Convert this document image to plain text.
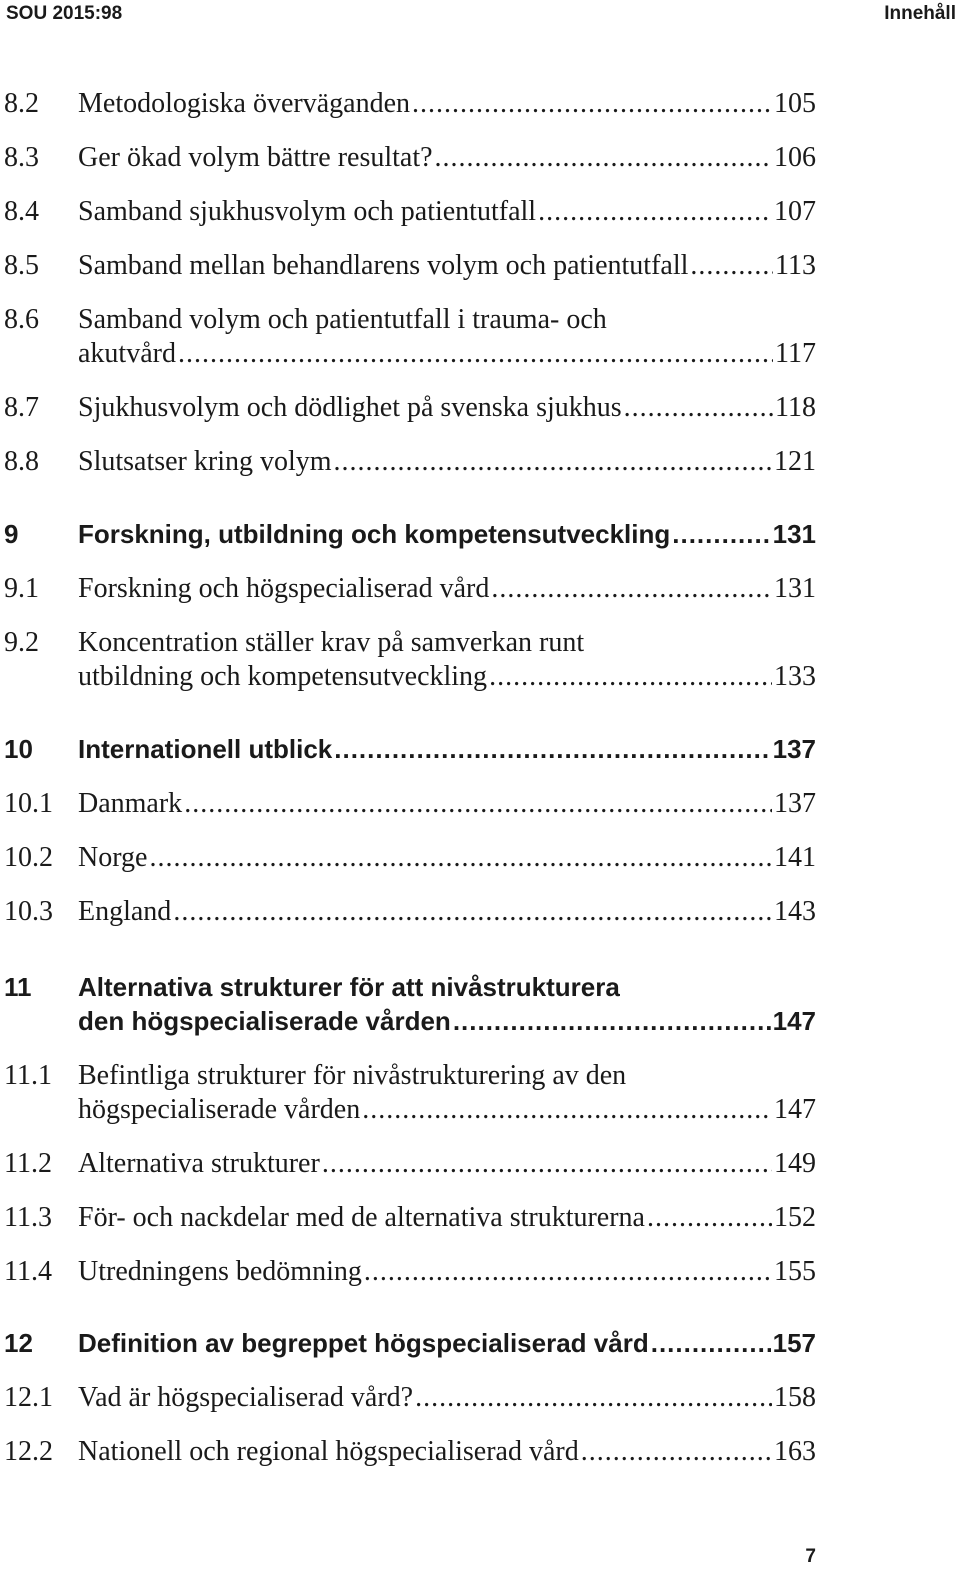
SOU 2015:98	Innehåll
8.2	Metodologiska överväganden .....	105
8.3	Ger ökad volym bättre resultat? .....	106
8.4	Samband sjukhusvolym och patientutfall .....	107
8.5	Samband mellan behandlarens volym och patientutfall .....	113
8.6	Samband volym och patientutfall i trauma- och
akutvård .....	117
8.7	Sjukhusvolym och dödlighet på svenska sjukhus .....	118
8.8	Slutsatser kring volym .....	121
9	Forskning, utbildning och kompetensutveckling .....	131
9.1	Forskning och högspecialiserad vård .....	131
9.2	Koncentration ställer krav på samverkan runt
utbildning och kompetensutveckling .....	133
10	Internationell utblick .....	137
10.1 Danmark .....	137
10.2 Norge .....	141
10.3 England .....	143
11	Alternativa strukturer för att nivåstrukturera
den högspecialiserade vården .....	147
11.1 Befintliga strukturer för nivåstrukturering av den
högspecialiserade vården .....	147
11.2 Alternativa strukturer .....	149
11.3 För- och nackdelar med de alternativa strukturerna .....	152
11.4 Utredningens bedömning .....	155
12	Definition av begreppet högspecialiserad vård .....	157
12.1 Vad är högspecialiserad vård? .....	158
12.2 Nationell och regional högspecialiserad vård .....	163
7
